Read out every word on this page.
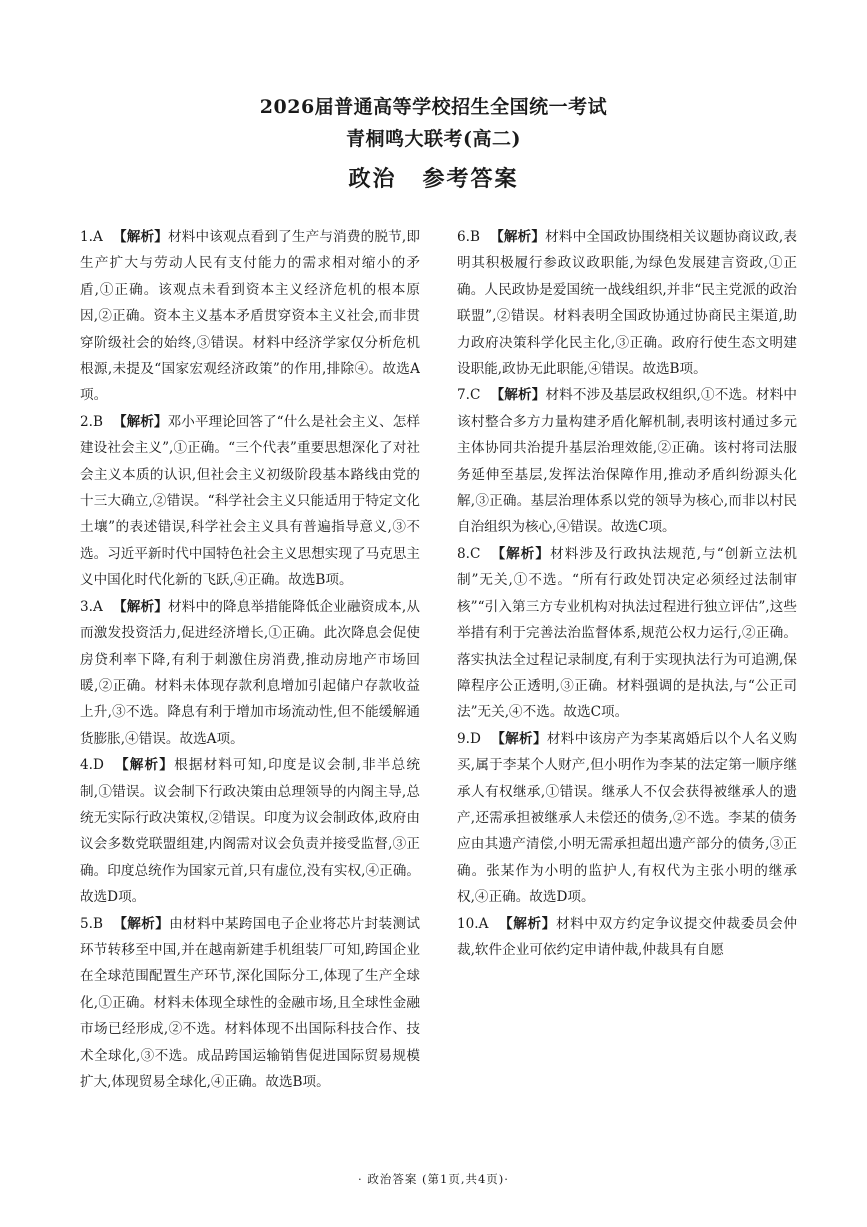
2026届普通高等学校招生全国统一考试
青桐鸣大联考(高二)
政治 参考答案

1.A 【解析】材料中该观点看到了生产与消费的脱节,即生产扩大与劳动人民有支付能力的需求相对缩小的矛盾,①正确。该观点未看到资本主义经济危机的根本原因,②正确。资本主义基本矛盾贯穿资本主义社会,而非贯穿阶级社会的始终,③错误。材料中经济学家仅分析危机根源,未提及“国家宏观经济政策”的作用,排除④。故选A项。

2.B 【解析】邓小平理论回答了“什么是社会主义、怎样建设社会主义”,①正确。“三个代表”重要思想深化了对社会主义本质的认识,但社会主义初级阶段基本路线由党的十三大确立,②错误。“科学社会主义只能适用于特定文化土壤”的表述错误,科学社会主义具有普遍指导意义,③不选。习近平新时代中国特色社会主义思想实现了马克思主义中国化时代化新的飞跃,④正确。故选B项。

3.A 【解析】材料中的降息举措能降低企业融资成本,从而激发投资活力,促进经济增长,①正确。此次降息会促使房贷利率下降,有利于刺激住房消费,推动房地产市场回暖,②正确。材料未体现存款利息增加引起储户存款收益上升,③不选。降息有利于增加市场流动性,但不能缓解通货膨胀,④错误。故选A项。

4.D 【解析】根据材料可知,印度是议会制,非半总统制,①错误。议会制下行政决策由总理领导的内阁主导,总统无实际行政决策权,②错误。印度为议会制政体,政府由议会多数党联盟组建,内阁需对议会负责并接受监督,③正确。印度总统作为国家元首,只有虚位,没有实权,④正确。故选D项。

5.B 【解析】由材料中某跨国电子企业将芯片封装测试环节转移至中国,并在越南新建手机组装厂可知,跨国企业在全球范围配置生产环节,深化国际分工,体现了生产全球化,①正确。材料未体现全球性的金融市场,且全球性金融市场已经形成,②不选。材料体现不出国际科技合作、技术全球化,③不选。成品跨国运输销售促进国际贸易规模扩大,体现贸易全球化,④正确。故选B项。

6.B 【解析】材料中全国政协围绕相关议题协商议政,表明其积极履行参政议政职能,为绿色发展建言资政,①正确。人民政协是爱国统一战线组织,并非“民主党派的政治联盟”,②错误。材料表明全国政协通过协商民主渠道,助力政府决策科学化民主化,③正确。政府行使生态文明建设职能,政协无此职能,④错误。故选B项。

7.C 【解析】材料不涉及基层政权组织,①不选。材料中该村整合多方力量构建矛盾化解机制,表明该村通过多元主体协同共治提升基层治理效能,②正确。该村将司法服务延伸至基层,发挥法治保障作用,推动矛盾纠纷源头化解,③正确。基层治理体系以党的领导为核心,而非以村民自治组织为核心,④错误。故选C项。

8.C 【解析】材料涉及行政执法规范,与“创新立法机制”无关,①不选。“所有行政处罚决定必须经过法制审核”“引入第三方专业机构对执法过程进行独立评估”,这些举措有利于完善法治监督体系,规范公权力运行,②正确。落实执法全过程记录制度,有利于实现执法行为可追溯,保障程序公正透明,③正确。材料强调的是执法,与“公正司法”无关,④不选。故选C项。

9.D 【解析】材料中该房产为李某离婚后以个人名义购买,属于李某个人财产,但小明作为李某的法定第一顺序继承人有权继承,①错误。继承人不仅会获得被继承人的遗产,还需承担被继承人未偿还的债务,②不选。李某的债务应由其遗产清偿,小明无需承担超出遗产部分的债务,③正确。张某作为小明的监护人,有权代为主张小明的继承权,④正确。故选D项。

10.A 【解析】材料中双方约定争议提交仲裁委员会仲裁,软件企业可依约定申请仲裁,仲裁具有自愿

· 政治答案 (第1页,共4页)·
